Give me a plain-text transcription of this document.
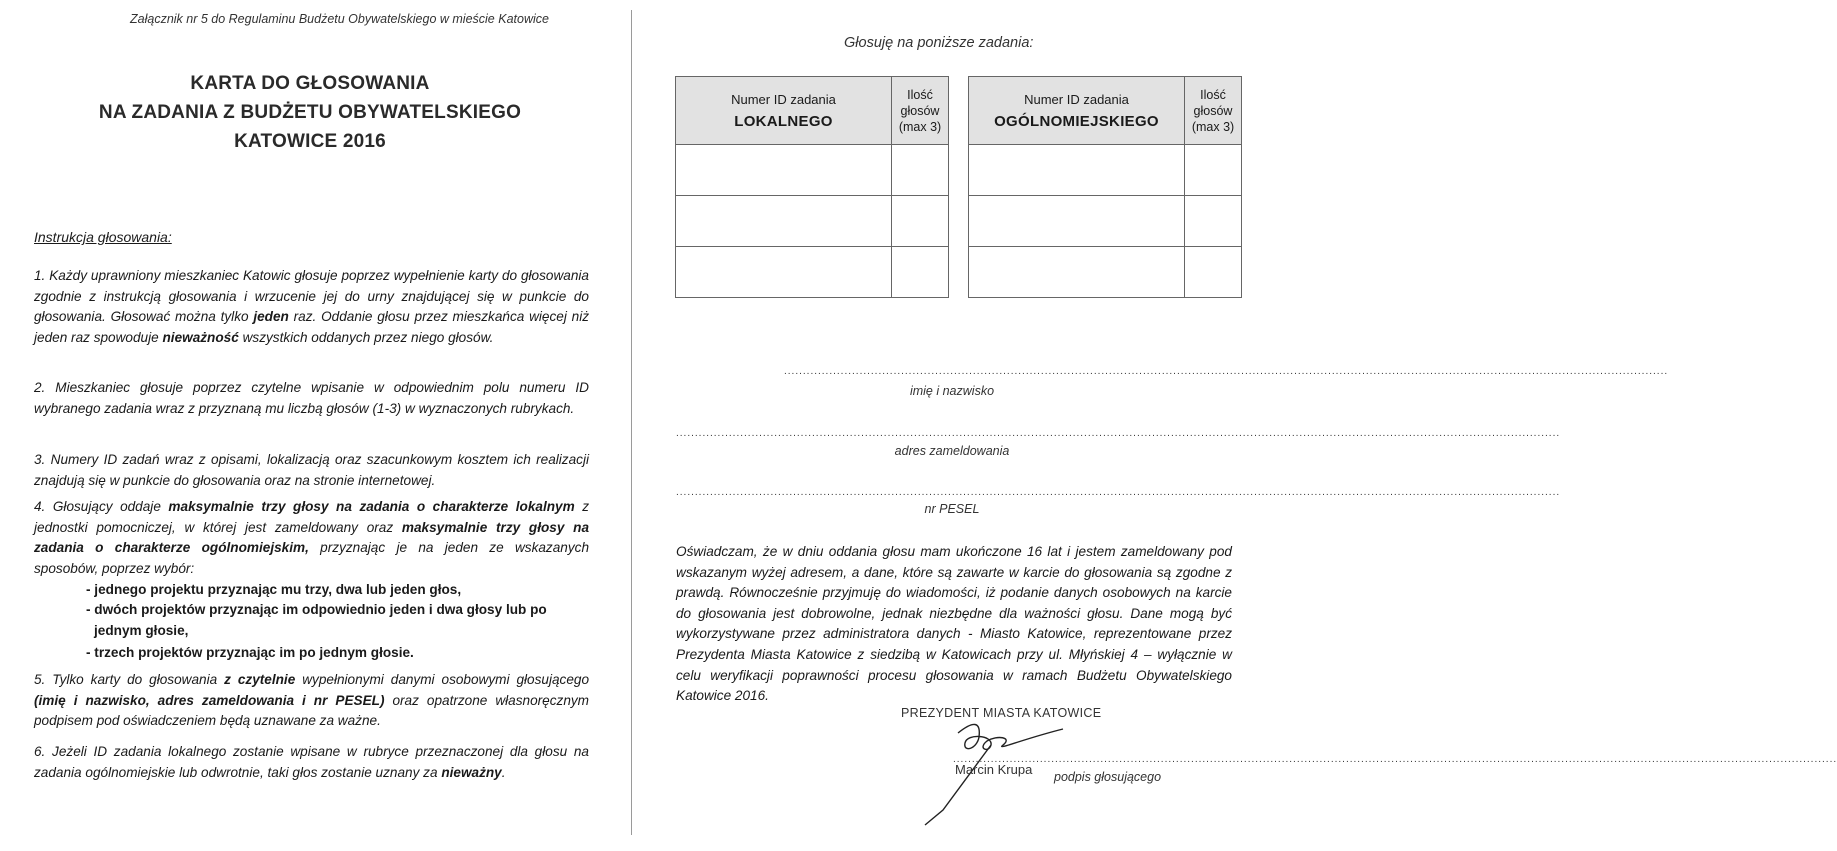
Załącznik nr 5 do Regulaminu Budżetu Obywatelskiego w mieście Katowice
KARTA DO GŁOSOWANIA
NA ZADANIA Z BUDŻETU OBYWATELSKIEGO
KATOWICE 2016
Instrukcja głosowania:
1. Każdy uprawniony mieszkaniec Katowic głosuje poprzez wypełnienie karty do głosowania zgodnie z instrukcją głosowania i wrzucenie jej do urny znajdującej się w punkcie do głosowania. Głosować można tylko jeden raz. Oddanie głosu przez mieszkańca więcej niż jeden raz spowoduje nieważność wszystkich oddanych przez niego głosów.
2. Mieszkaniec głosuje poprzez czytelne wpisanie w odpowiednim polu numeru ID wybranego zadania wraz z przyznaną mu liczbą głosów (1-3) w wyznaczonych rubrykach.
3. Numery ID zadań wraz z opisami, lokalizacją oraz szacunkowym kosztem ich realizacji znajdują się w punkcie do głosowania oraz na stronie internetowej.
4. Głosujący oddaje maksymalnie trzy głosy na zadania o charakterze lokalnym z jednostki pomocniczej, w której jest zameldowany oraz maksymalnie trzy głosy na zadania o charakterze ogólnomiejskim, przyznając je na jeden ze wskazanych sposobów, poprzez wybór:
- jednego projektu przyznając mu trzy, dwa lub jeden głos,
- dwóch projektów przyznając im odpowiednio jeden i dwa głosy lub po
jednym głosie,
- trzech projektów przyznając im po jednym głosie.
5. Tylko karty do głosowania z czytelnie wypełnionymi danymi osobowymi głosującego (imię i nazwisko, adres zameldowania i nr PESEL) oraz opatrzone własnoręcznym podpisem pod oświadczeniem będą uznawane za ważne.
6. Jeżeli ID zadania lokalnego zostanie wpisane w rubryce przeznaczonej dla głosu na zadania ogólnomiejskie lub odwrotnie, taki głos zostanie uznany za nieważny.
Głosuję na poniższe zadania:
Numer ID zadania
LOKALNEGO	Ilość
głosów
(max 3)

Numer ID zadania
OGÓLNOMIEJSKIEGO	Ilość
głosów
(max 3)

..........................................................................................................................................................................................................................................
imię i nazwisko
..........................................................................................................................................................................................................................................
adres zameldowania
..........................................................................................................................................................................................................................................
nr PESEL
Oświadczam, że w dniu oddania głosu mam ukończone 16 lat i jestem zameldowany pod wskazanym wyżej adresem, a dane, które są zawarte w karcie do głosowania są zgodne z prawdą. Równocześnie przyjmuję do wiadomości, iż podanie danych osobowych na karcie do głosowania jest dobrowolne, jednak niezbędne dla ważności głosu. Dane mogą być wykorzystywane przez administratora danych - Miasto Katowice, reprezentowane przez Prezydenta Miasta Katowice z siedzibą w Katowicach przy ul. Młyńskiej 4 – wyłącznie w celu weryfikacji poprawności procesu głosowania w ramach Budżetu Obywatelskiego Katowice 2016.
PREZYDENT MIASTA KATOWICE
..........................................................................................................................................................................................................................................
Marcin Krupa podpis głosującego
